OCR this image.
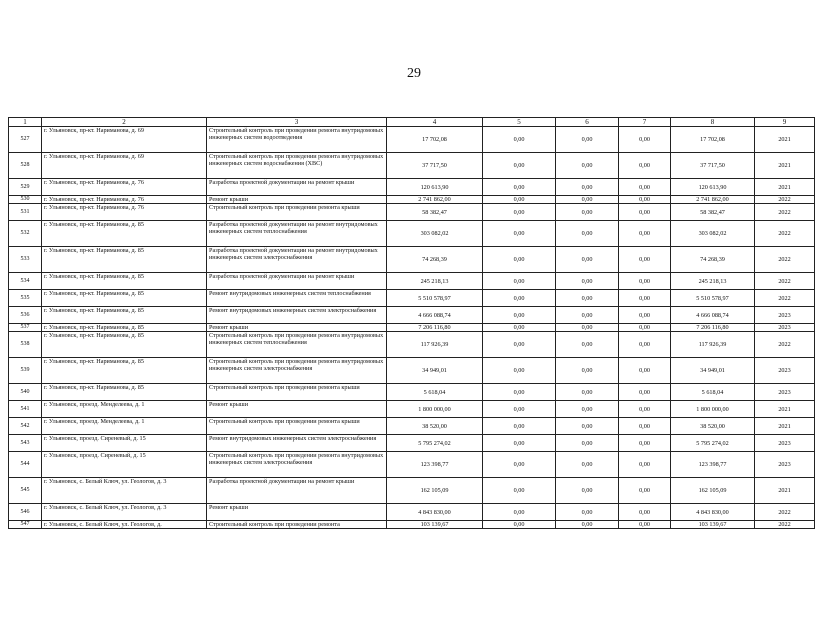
29
1	2	3	4	5	6	7	8	9
527	г. Ульяновск, пр-кт. Нариманова, д. 69	Строительный контроль при проведении ремонта внутридомовых инженерных систем водоотведения	17 702,08	0,00	0,00	0,00	17 702,08	2021
528	г. Ульяновск, пр-кт. Нариманова, д. 69	Строительный контроль при проведении ремонта внутридомовых инженерных систем водоснабжения (ХВС)	37 717,50	0,00	0,00	0,00	37 717,50	2021
529	г. Ульяновск, пр-кт. Нариманова, д. 76	Разработка проектной документации на ремонт крыши	120 613,90	0,00	0,00	0,00	120 613,90	2021
530	г. Ульяновск, пр-кт. Нариманова, д. 76	Ремонт крыши	2 741 862,00	0,00	0,00	0,00	2 741 862,00	2022
531	г. Ульяновск, пр-кт. Нариманова, д. 76	Строительный контроль при проведении ремонта крыши	58 382,47	0,00	0,00	0,00	58 382,47	2022
532	г. Ульяновск, пр-кт. Нариманова, д. 85	Разработка проектной документации на ремонт внутридомовых инженерных систем теплоснабжения	303 082,02	0,00	0,00	0,00	303 082,02	2022
533	г. Ульяновск, пр-кт. Нариманова, д. 85	Разработка проектной документации на ремонт внутридомовых инженерных систем электроснабжения	74 268,39	0,00	0,00	0,00	74 268,39	2022
534	г. Ульяновск, пр-кт. Нариманова, д. 85	Разработка проектной документации на ремонт крыши	245 218,13	0,00	0,00	0,00	245 218,13	2022
535	г. Ульяновск, пр-кт. Нариманова, д. 85	Ремонт внутридомовых инженерных систем теплоснабжения	5 510 578,97	0,00	0,00	0,00	5 510 578,97	2022
536	г. Ульяновск, пр-кт. Нариманова, д. 85	Ремонт внутридомовых инженерных систем электроснабжения	4 666 088,74	0,00	0,00	0,00	4 666 088,74	2023
537	г. Ульяновск, пр-кт. Нариманова, д. 85	Ремонт крыши	7 206 116,80	0,00	0,00	0,00	7 206 116,80	2023
538	г. Ульяновск, пр-кт. Нариманова, д. 85	Строительный контроль при проведении ремонта внутридомовых инженерных систем теплоснабжения	117 926,39	0,00	0,00	0,00	117 926,39	2022
539	г. Ульяновск, пр-кт. Нариманова, д. 85	Строительный контроль при проведении ремонта внутридомовых инженерных систем электроснабжения	34 949,01	0,00	0,00	0,00	34 949,01	2023
540	г. Ульяновск, пр-кт. Нариманова, д. 85	Строительный контроль при проведении ремонта крыши	5 618,04	0,00	0,00	0,00	5 618,04	2023
541	г. Ульяновск, проезд. Менделеева, д. 1	Ремонт крыши	1 800 000,00	0,00	0,00	0,00	1 800 000,00	2021
542	г. Ульяновск, проезд. Менделеева, д. 1	Строительный контроль при проведении ремонта крыши	38 520,00	0,00	0,00	0,00	38 520,00	2021
543	г. Ульяновск, проезд. Сиреневый, д. 15	Ремонт внутридомовых инженерных систем электроснабжения	5 795 274,02	0,00	0,00	0,00	5 795 274,02	2023
544	г. Ульяновск, проезд. Сиреневый, д. 15	Строительный контроль при проведении ремонта внутридомовых инженерных систем электроснабжения	123 398,77	0,00	0,00	0,00	123 398,77	2023
545	г. Ульяновск, с. Белый Ключ, ул. Геологов, д. 3	Разработка проектной документации на ремонт крыши	162 105,09	0,00	0,00	0,00	162 105,09	2021
546	г. Ульяновск, с. Белый Ключ, ул. Геологов, д. 3	Ремонт крыши	4 843 830,00	0,00	0,00	0,00	4 843 830,00	2022
547	г. Ульяновск, с. Белый Ключ, ул. Геологов, д.	Строительный контроль при проведении ремонта	103 139,67	0,00	0,00	0,00	103 139,67	2022
